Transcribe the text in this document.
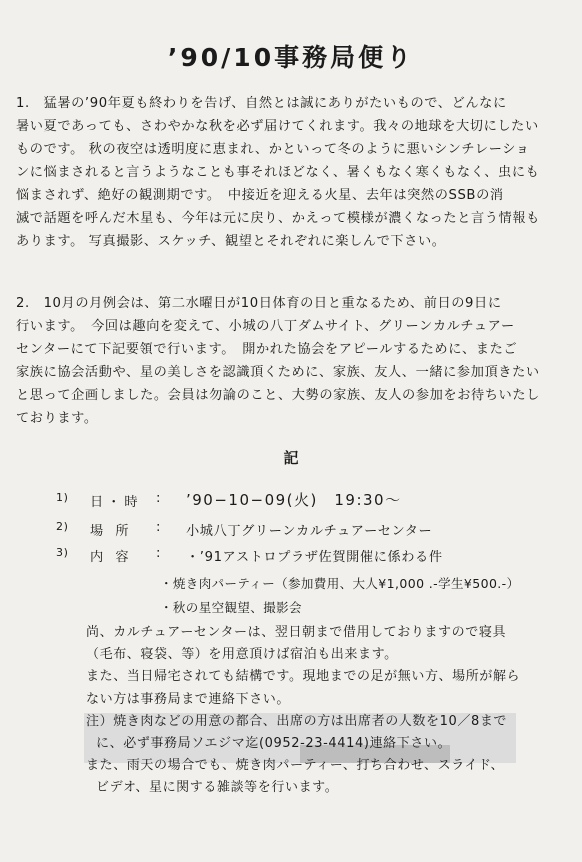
’90/10事務局便り
1.　猛暑の’90年夏も終わりを告げ、自然とは誠にありがたいもので、どんなに
暑い夏であっても、さわやかな秋を必ず届けてくれます。我々の地球を大切にしたい
ものです。 秋の夜空は透明度に恵まれ、かといって冬のように悪いシンチレーショ
ンに悩まされると言うようなことも事それほどなく、暑くもなく寒くもなく、虫にも
悩まされず、絶好の観測期です。　中接近を迎える火星、去年は突然のSSBの消
滅で話題を呼んだ木星も、今年は元に戻り、かえって模様が濃くなったと言う情報も
あります。 写真撮影、スケッチ、観望とそれぞれに楽しんで下さい。
2.　10月の月例会は、第二水曜日が10日体育の日と重なるため、前日の9日に
行います。　今回は趣向を変えて、小城の八丁ダムサイト、グリーンカルチュアー
センターにて下記要領で行います。　開かれた協会をアピールするために、またご
家族に協会活動や、星の美しさを認識頂くために、家族、友人、一緒に参加頂きたい
と思って企画しました。会員は勿論のこと、大勢の家族、友人の参加をお待ちいたし
ております。
記
1) 日・時 : ’90−10−09(火)　19:30〜
2) 場 所 : 小城八丁グリーンカルチュアーセンター
3) 内 容 : ・’91アストロプラザ佐賀開催に係わる件
・焼き肉パーティー（参加費用、大人¥1,000 .-学生¥500.-）
・秋の星空観望、撮影会
尚、カルチュアーセンターは、翌日朝まで借用しておりますので寝具
（毛布、寝袋、等）を用意頂けば宿泊も出来ます。
また、当日帰宅されても結構です。現地までの足が無い方、場所が解ら
ない方は事務局まで連絡下さい。
注）焼き肉などの用意の都合、出席の方は出席者の人数を10／8まで
に、必ず事務局ソエジマ迄(0952-23-4414)連絡下さい。
また、雨天の場合でも、焼き肉パーティー、打ち合わせ、スライド、
ビデオ、星に関する雑談等を行います。
